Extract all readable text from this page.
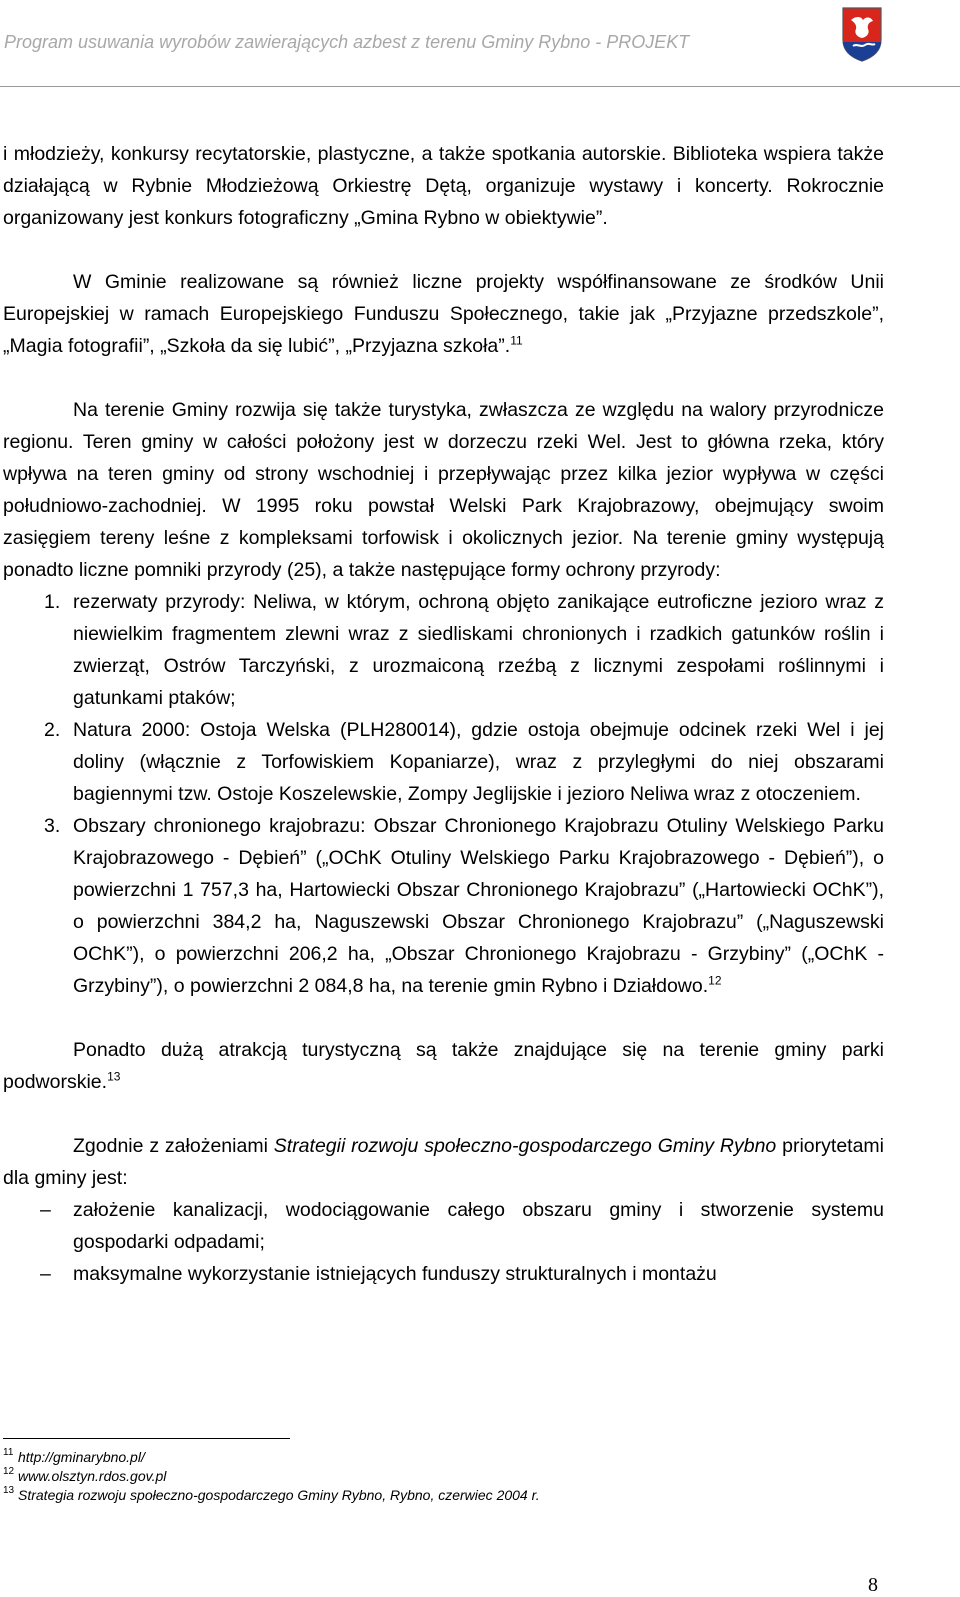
Program usuwania wyrobów zawierających azbest z terenu Gminy Rybno - PROJEKT

i młodzieży, konkursy recytatorskie, plastyczne, a także spotkania autorskie. Biblioteka wspiera także działającą w Rybnie Młodzieżową Orkiestrę Dętą, organizuje wystawy i koncerty. Rokrocznie organizowany jest konkurs fotograficzny „Gmina Rybno w obiektywie”.

W Gminie realizowane są również liczne projekty współfinansowane ze środków Unii Europejskiej w ramach Europejskiego Funduszu Społecznego, takie jak „Przyjazne przedszkole”, „Magia fotografii”, „Szkoła da się lubić”, „Przyjazna szkoła”.$^{11}$

Na terenie Gminy rozwija się także turystyka, zwłaszcza ze względu na walory przyrodnicze regionu. Teren gminy w całości położony jest w dorzeczu rzeki Wel. Jest to główna rzeka, który wpływa na teren gminy od strony wschodniej i przepływając przez kilka jezior wypływa w części południowo-zachodniej. W 1995 roku powstał Welski Park Krajobrazowy, obejmujący swoim zasięgiem tereny leśne z kompleksami torfowisk i okolicznych jezior. Na terenie gminy występują ponadto liczne pomniki przyrody (25), a także następujące formy ochrony przyrody:

1. rezerwaty przyrody: Neliwa, w którym, ochroną objęto zanikające eutroficzne jezioro wraz z niewielkim fragmentem zlewni wraz z siedliskami chronionych i rzadkich gatunków roślin i zwierząt, Ostrów Tarczyński, z urozmaiconą rzeźbą z licznymi zespołami roślinnymi i gatunkami ptaków;
2. Natura 2000: Ostoja Welska (PLH280014), gdzie ostoja obejmuje odcinek rzeki Wel i jej doliny (włącznie z Torfowiskiem Kopaniarze), wraz z przyległymi do niej obszarami bagiennymi tzw. Ostoje Koszelewskie, Zompy Jeglijskie i jezioro Neliwa wraz z otoczeniem.
3. Obszary chronionego krajobrazu: Obszar Chronionego Krajobrazu Otuliny Welskiego Parku Krajobrazowego - Dębień” („OChK Otuliny Welskiego Parku Krajobrazowego - Dębień”), o powierzchni 1 757,3 ha, Hartowiecki Obszar Chronionego Krajobrazu” („Hartowiecki OChK”), o powierzchni 384,2 ha, Naguszewski Obszar Chronionego Krajobrazu” („Naguszewski OChK”), o powierzchni 206,2 ha, „Obszar Chronionego Krajobrazu - Grzybiny” („OChK - Grzybiny”), o powierzchni 2 084,8 ha, na terenie gmin Rybno i Działdowo.$^{12}$

Ponadto dużą atrakcją turystyczną są także znajdujące się na terenie gminy parki podworskie.$^{13}$

Zgodnie z założeniami Strategii rozwoju społeczno-gospodarczego Gminy Rybno priorytetami dla gminy jest:

– założenie kanalizacji, wodociągowanie całego obszaru gminy i stworzenie systemu gospodarki odpadami;
– maksymalne wykorzystanie istniejących funduszy strukturalnych i montażu
11 http://gminarybno.pl/
12 www.olsztyn.rdos.gov.pl
13 Strategia rozwoju społeczno-gospodarczego Gminy Rybno, Rybno, czerwiec 2004 r.
8
